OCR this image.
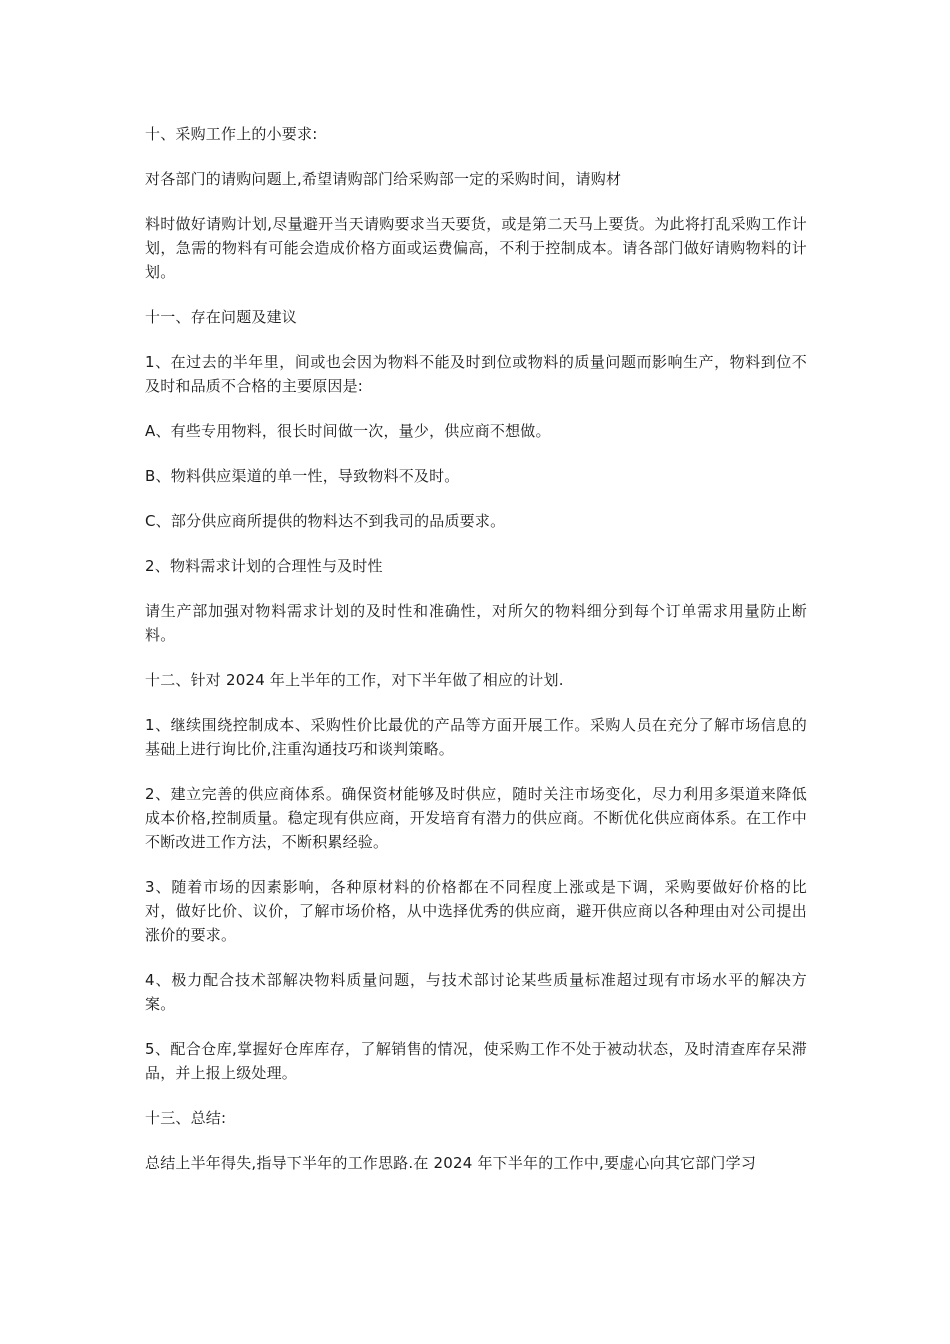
十、采购工作上的小要求:

对各部门的请购问题上,希望请购部门给采购部一定的采购时间，请购材

料时做好请购计划,尽量避开当天请购要求当天要货，或是第二天马上要货。为此将打乱采购工作计划，急需的物料有可能会造成价格方面或运费偏高，不利于控制成本。请各部门做好请购物料的计划。

十一、存在问题及建议

1、在过去的半年里，间或也会因为物料不能及时到位或物料的质量问题而影响生产，物料到位不及时和品质不合格的主要原因是:

A、有些专用物料，很长时间做一次，量少，供应商不想做。

B、物料供应渠道的单一性，导致物料不及时。

C、部分供应商所提供的物料达不到我司的品质要求。

2、物料需求计划的合理性与及时性

请生产部加强对物料需求计划的及时性和准确性，对所欠的物料细分到每个订单需求用量防止断料。

十二、针对 2024 年上半年的工作，对下半年做了相应的计划.

1、继续围绕控制成本、采购性价比最优的产品等方面开展工作。采购人员在充分了解市场信息的基础上进行询比价,注重沟通技巧和谈判策略。

2、建立完善的供应商体系。确保资材能够及时供应，随时关注市场变化，尽力利用多渠道来降低成本价格,控制质量。稳定现有供应商，开发培育有潜力的供应商。不断优化供应商体系。在工作中不断改进工作方法，不断积累经验。

3、随着市场的因素影响，各种原材料的价格都在不同程度上涨或是下调，采购要做好价格的比对，做好比价、议价，了解市场价格，从中选择优秀的供应商，避开供应商以各种理由对公司提出涨价的要求。

4、极力配合技术部解决物料质量问题，与技术部讨论某些质量标准超过现有市场水平的解决方案。

5、配合仓库,掌握好仓库库存，了解销售的情况，使采购工作不处于被动状态，及时清查库存呆滞品，并上报上级处理。

十三、总结:

总结上半年得失,指导下半年的工作思路.在 2024 年下半年的工作中,要虚心向其它部门学习
